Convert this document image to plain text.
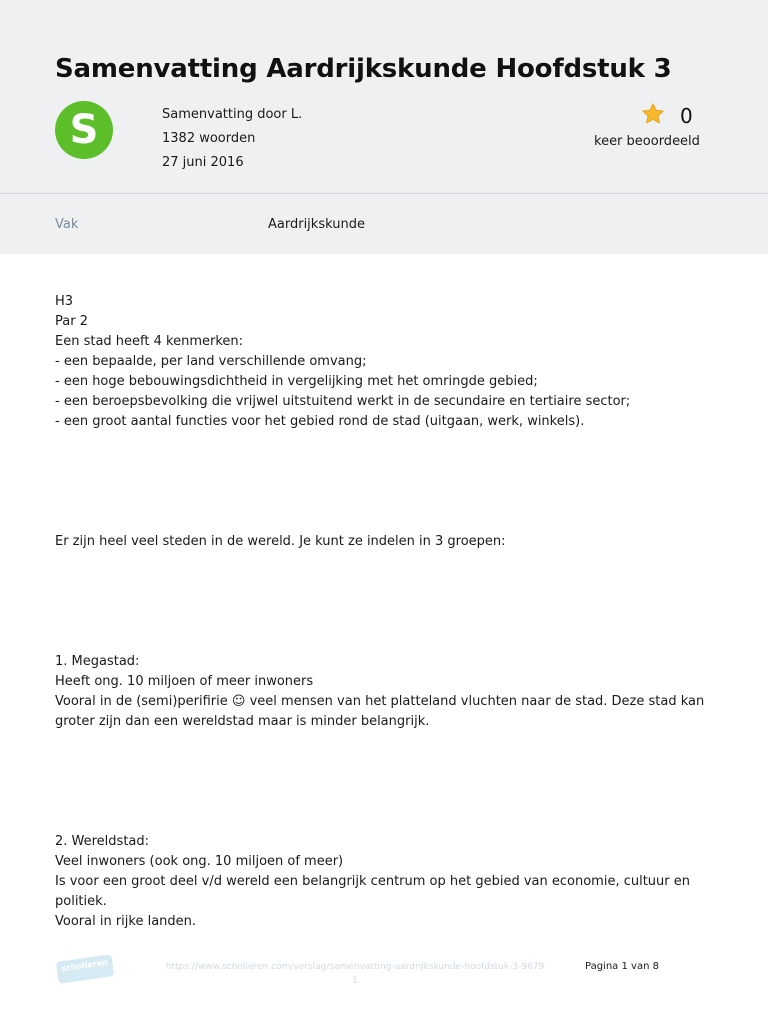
Samenvatting Aardrijkskunde Hoofdstuk 3
S	Samenvatting door L.
1382 woorden
27 juni 2016
0
keer beoordeeld
Vak	Aardrijkskunde
H3
Par 2
Een stad heeft 4 kenmerken:
- een bepaalde, per land verschillende omvang;
- een hoge bebouwingsdichtheid in vergelijking met het omringde gebied;
- een beroepsbevolking die vrijwel uitstuitend werkt in de secundaire en tertiaire sector;
- een groot aantal functies voor het gebied rond de stad (uitgaan, werk, winkels).
Er zijn heel veel steden in de wereld. Je kunt ze indelen in 3 groepen:
1. Megastad:
Heeft ong. 10 miljoen of meer inwoners
Vooral in de (semi)perifirie ☺ veel mensen van het platteland vluchten naar de stad. Deze stad kan groter zijn dan een wereldstad maar is minder belangrijk.
2. Wereldstad:
Veel inwoners (ook ong. 10 miljoen of meer)
Is voor een groot deel v/d wereld een belangrijk centrum op het gebied van economie, cultuur en politiek.
Vooral in rijke landen.
scholieren	https://www.scholieren.com/verslag/samenvatting-aardrijkskunde-hoofdstuk-3-9679
1
Pagina 1 van 8
